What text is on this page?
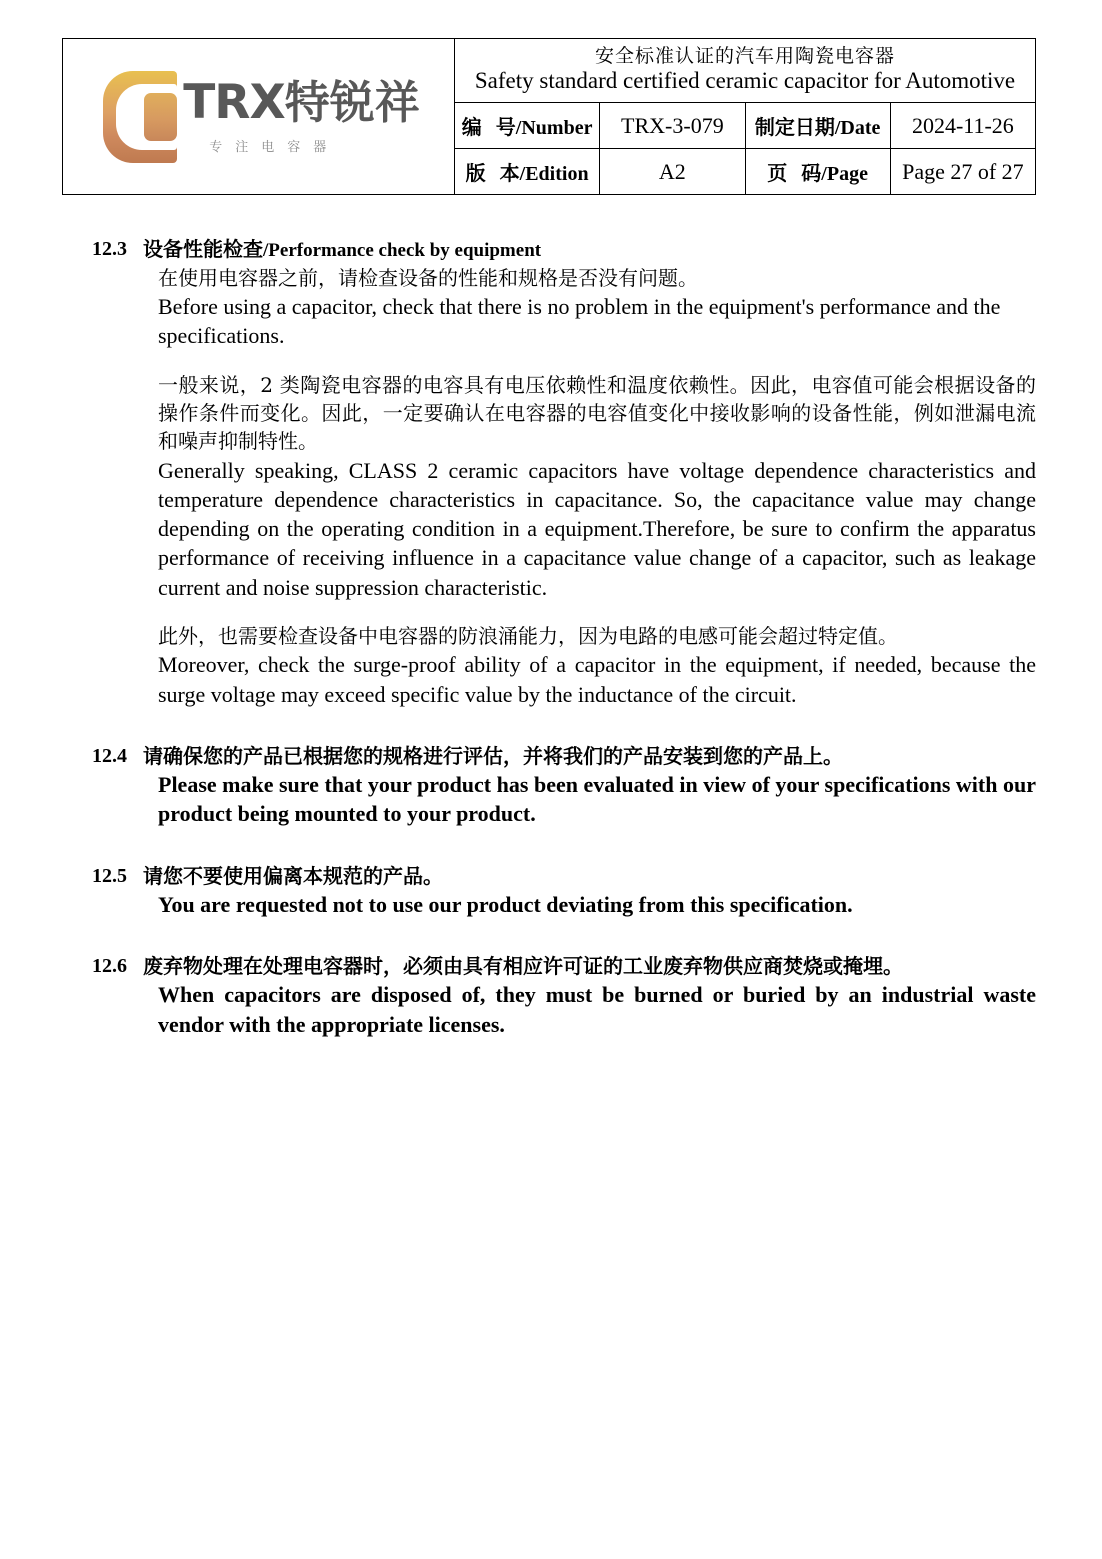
TRX特锐祥
专注电容器

安全标准认证的汽车用陶瓷电容器
Safety standard certified ceramic capacitor for Automotive

	编 号/Number	TRX-3-079	制定日期/Date	2024-11-26
	版 本/Edition	A2	页 码/Page	Page 27 of 27
12.3 设备性能检查/Performance check by equipment

在使用电容器之前，请检查设备的性能和规格是否没有问题。

Before using a capacitor, check that there is no problem in the equipment's performance and the specifications.

一般来说，2 类陶瓷电容器的电容具有电压依赖性和温度依赖性。因此，电容值可能会根据设备的操作条件而变化。因此，一定要确认在电容器的电容值变化中接收影响的设备性能，例如泄漏电流和噪声抑制特性。

Generally speaking, CLASS 2 ceramic capacitors have voltage dependence characteristics and temperature dependence characteristics in capacitance. So, the capacitance value may change depending on the operating condition in a equipment.Therefore, be sure to confirm the apparatus performance of receiving influence in a capacitance value change of a capacitor, such as leakage current and noise suppression characteristic.

此外，也需要检查设备中电容器的防浪涌能力，因为电路的电感可能会超过特定值。

Moreover, check the surge-proof ability of a capacitor in the equipment, if needed, because the surge voltage may exceed specific value by the inductance of the circuit.

12.4 请确保您的产品已根据您的规格进行评估，并将我们的产品安装到您的产品上。

Please make sure that your product has been evaluated in view of your specifications with our product being mounted to your product.

12.5 请您不要使用偏离本规范的产品。

You are requested not to use our product deviating from this specification.

12.6 废弃物处理在处理电容器时，必须由具有相应许可证的工业废弃物供应商焚烧或掩埋。

When capacitors are disposed of, they must be burned or buried by an industrial waste vendor with the appropriate licenses.
